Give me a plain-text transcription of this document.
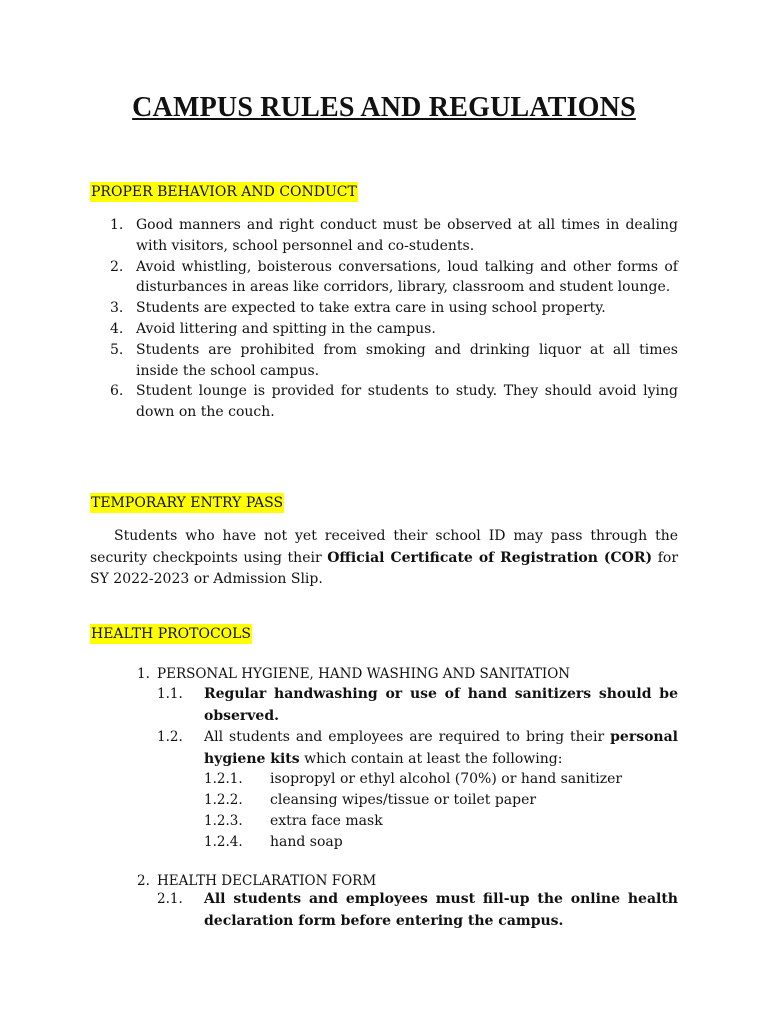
CAMPUS RULES AND REGULATIONS
PROPER BEHAVIOR AND CONDUCT
1. Good manners and right conduct must be observed at all times in dealing with visitors, school personnel and co-students.
2. Avoid whistling, boisterous conversations, loud talking and other forms of disturbances in areas like corridors, library, classroom and student lounge.
3. Students are expected to take extra care in using school property.
4. Avoid littering and spitting in the campus.
5. Students are prohibited from smoking and drinking liquor at all times inside the school campus.
6. Student lounge is provided for students to study. They should avoid lying down on the couch.
TEMPORARY ENTRY PASS

Students who have not yet received their school ID may pass through the security checkpoints using their Official Certificate of Registration (COR) for SY 2022-2023 or Admission Slip.

HEALTH PROTOCOLS
1. PERSONAL HYGIENE, HAND WASHING AND SANITATION
1.1. Regular handwashing or use of hand sanitizers should be observed.
1.2. All students and employees are required to bring their personal hygiene kits which contain at least the following:
1.2.1. isopropyl or ethyl alcohol (70%) or hand sanitizer
1.2.2. cleansing wipes/tissue or toilet paper
1.2.3. extra face mask
1.2.4. hand soap
2. HEALTH DECLARATION FORM
2.1. All students and employees must fill-up the online health declaration form before entering the campus.
